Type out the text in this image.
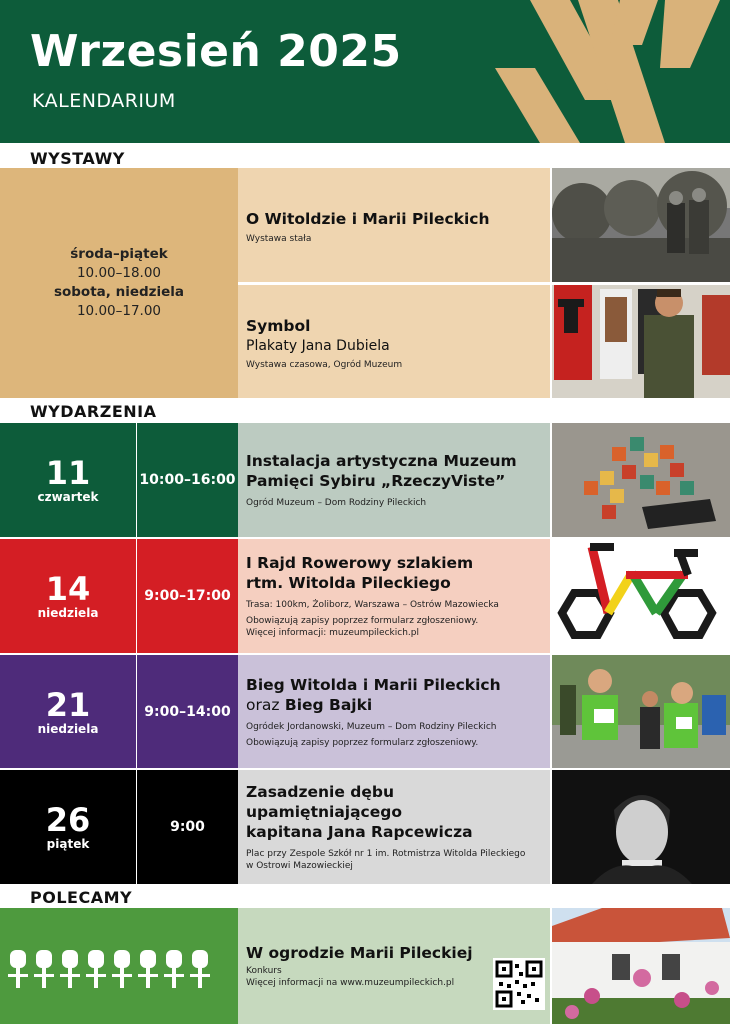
Wrzesień 2025
KALENDARIUM
WYSTAWY
środa–piątek
10.00–18.00
sobota, niedziela
10.00–17.00
O Witoldzie i Marii Pileckich
Wystawa stała
Symbol
Plakaty Jana Dubiela
Wystawa czasowa, Ogród Muzeum
WYDARZENIA
11
czwartek
10:00–16:00
Instalacja artystyczna Muzeum
Pamięci Sybiru „RzeczyViste”
Ogród Muzeum – Dom Rodziny Pileckich
14
niedziela
9:00–17:00
I Rajd Rowerowy szlakiem
rtm. Witolda Pileckiego
Trasa: 100km, Żoliborz, Warszawa – Ostrów Mazowiecka
Obowiązują zapisy poprzez formularz zgłoszeniowy.
Więcej informacji: muzeumpileckich.pl
21
niedziela
9:00–14:00
Bieg Witolda i Marii Pileckich
oraz Bieg Bajki
Ogródek Jordanowski, Muzeum – Dom Rodziny Pileckich
Obowiązują zapisy poprzez formularz zgłoszeniowy.
26
piątek
9:00
Zasadzenie dębu upamiętniającego
kapitana Jana Rapcewicza
Plac przy Zespole Szkół nr 1 im. Rotmistrza Witolda Pileckiego
w Ostrowi Mazowieckiej
POLECAMY
W ogrodzie Marii Pileckiej
Konkurs
Więcej informacji na www.muzeumpileckich.pl
